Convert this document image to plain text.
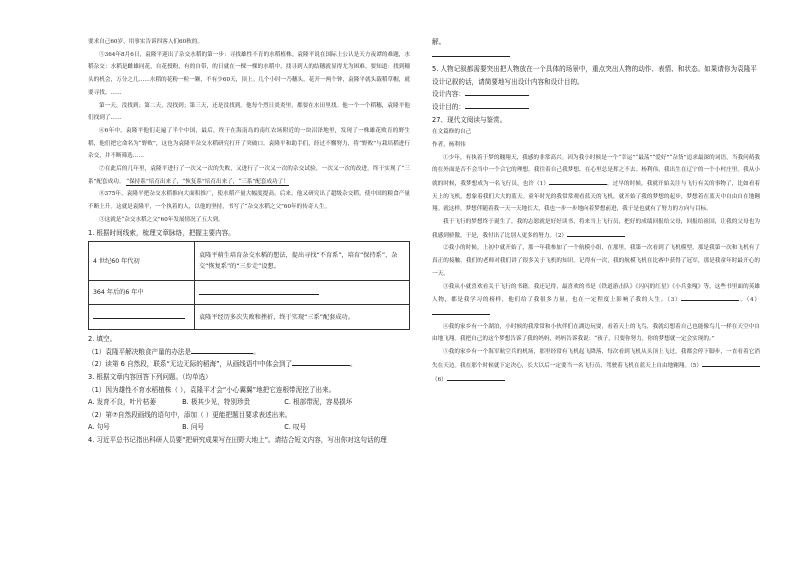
要求自己60岁，用事实告诉四客人们60秋的。

⑤364年8月6日，袁隆平迎出了杂交水稻的第一步：寻找雄性不育的水稻植株。袁隆平说在国际上公认是天方夜谭的难题，水稻杂交：水稻是雌雄同花，自花授粉，有的自带，的日就在一棵一棵的水稻中，找寻到人的结穗就显得尤为困难。要知道：找到穗头的机会，万分之几……水稻的花粉一粒一颗，不有少60天，顶上。几个小时一乃穗头，花开一两个钟，袁隆平就头载稻草帽，就要寻找。……

第一天，没找到；第二天，没找到；第三天，还是没找到。他每个烈日炎炎里，都要在水田里找。他一个一个稻穗，袁隆平他们找到了……

⑥6年中，袁隆平他们走遍了半个中国，最后，终于在海南岛的南红农场附近的一块沼泽地里，发现了一株雄花败育的野生稻，他们把它命名为“野败”，这也为袁隆平杂交水稻研究打开了突破口。袁隆平和助手们，经过不懈努力，将“野败”与栽培稻进行杂交，并不断筛选……

⑦在此后的几年里，袁隆平进行了一次又一次的失败，又进行了一次又一次的杂交试验，一次又一次的改进，终于实现了“三系”配套成功。 “保持系”培育出来了，“恢复系”培育出来了，“三系”配套成功了！

⑧375年，袁隆平把杂交水稻推向大面积推广，使水稻产量大幅度提高。后来，他又研究出了超级杂交稻，使中国的粮食产量不断上升。这就是袁隆平，一个执着的人，以他的坚持，书写了“杂交水稻之父”60年的传奇人生。

③这就是“杂交水稻之父”60年发展情况了五大到。

1. 根据时间线索，梳理文章脉络，把握主要内容。

4 世纪60 年代初	袁隆平萌生培育杂交水稻的想法，提出寻找“不育系”，培育“保持系”，杂交“恢复系”的“三步走”设想。
364 年后的6 年中	
	袁隆平经历多次失败和挫折，终于实现“三系”配套成功。

2. 填空。

（1）袁隆平解决粮食产量的办法是	。

（2）读第 6 自然段，联系“无边无际的稻海”，从画线语中中体会到了	。

3. 根据文章内容回答下列问题。（均单选）

（1）因为雄性不育水稻植株（ ），袁隆平才会“小心翼翼”地把它连根带泥挖了出来。

A. 发育不良，叶片枯萎	B. 极其少见，特别珍贵	C. 根部带泥，容易损坏

（2）第⑦自然段画线的语句中，添加（ ）更能把题目要求表述出来。

A. 句号	B. 问号	C. 叹号

4. 习近平总书记指出科研人员要“把研究成果写在田野大地上”。请结合短文内容，写出你对这句话的理

解。

5. 人物记叙都需要突出把人物放在一个具体的场景中，重点突出人物的动作、表情、和状态。如果请你为袁隆平设计记叙的话，请简要地写出设计内容和设计目的。

设计内容：

设计目的：

27、现代文阅读与鉴赏。

在文篇修的自己

作者，杨利伟

①少年，有执着于梦的翱翔天，我感的非常高兴。因为我小时候是一个“幸运”“最荡”“爱好”“杂货”追求最深的词语，当我问萌我的在外面是否不会当中一个合它的理想。我往着自己我梦想，在心里总是挥之不去。杨利伟，我出生在辽宁的一个小村庄里。我从小就的时候，我梦想成为一名飞行员。也许（1）	，过早的时候，我就开始关注与飞行有关的事物了，比如看着天上的飞机，想象着我们大大的蓝天。童年时光的我常常观看蓝天的飞机，就开始了我的梦想的起步，梦想着在蓝天中自由自在地翱翔。就这样，梦想伴随着我一天一天地长大，我也一步一步地向着梦想前进，我于是也就有了努力的方向与目标。

我于飞行的梦想终于诞生了，我的志愿就是好好读书，将来当上飞行员，把好的成绩回报给父母，回报给祖国，让我的父母也为我感到骄傲，于是，我付出了比别人更多的努力。（2）

②我小的时候，上初中就开始了，那一年我参加了一个航模小组，在那里，我第一次看到了飞机模型，那是我第一次和飞机有了真正的接触。我们的老师对我们讲了很多关于飞机的知识。记得有一次，我的航模飞机在比赛中获得了冠军，那是我童年时最开心的一天。

③我从小就喜欢看关于飞行的书籍。我还记得，最喜欢的书是《铁道游击队》《闪闪的红星》《小兵张嘎》等，这些书里面的英雄人物，都是我学习的榜样，他们给了我很多力量，也在一定程度上影响了我的人生。（3）	，（4）

④我的家乡有一个湖泊，小时候的我常常和小伙伴们在湖边玩耍，看着天上的飞鸟，我就幻想着自己也能像鸟儿一样在天空中自由地飞翔。我把自己的这个梦想告诉了我的妈妈，妈妈告诉我说：“孩子，只要你努力，你的梦想就一定会实现的。”

⑤我的家乡有一个海军航空兵的机场，那里经常有飞机起飞降落，每次看到飞机从头顶上飞过，我都会停下脚步，一直看着它消失在天边。我在那个时候就下定决心，长大以后一定要当一名飞行员，驾驶着飞机在蓝天上自由地翱翔。（5）（6）
